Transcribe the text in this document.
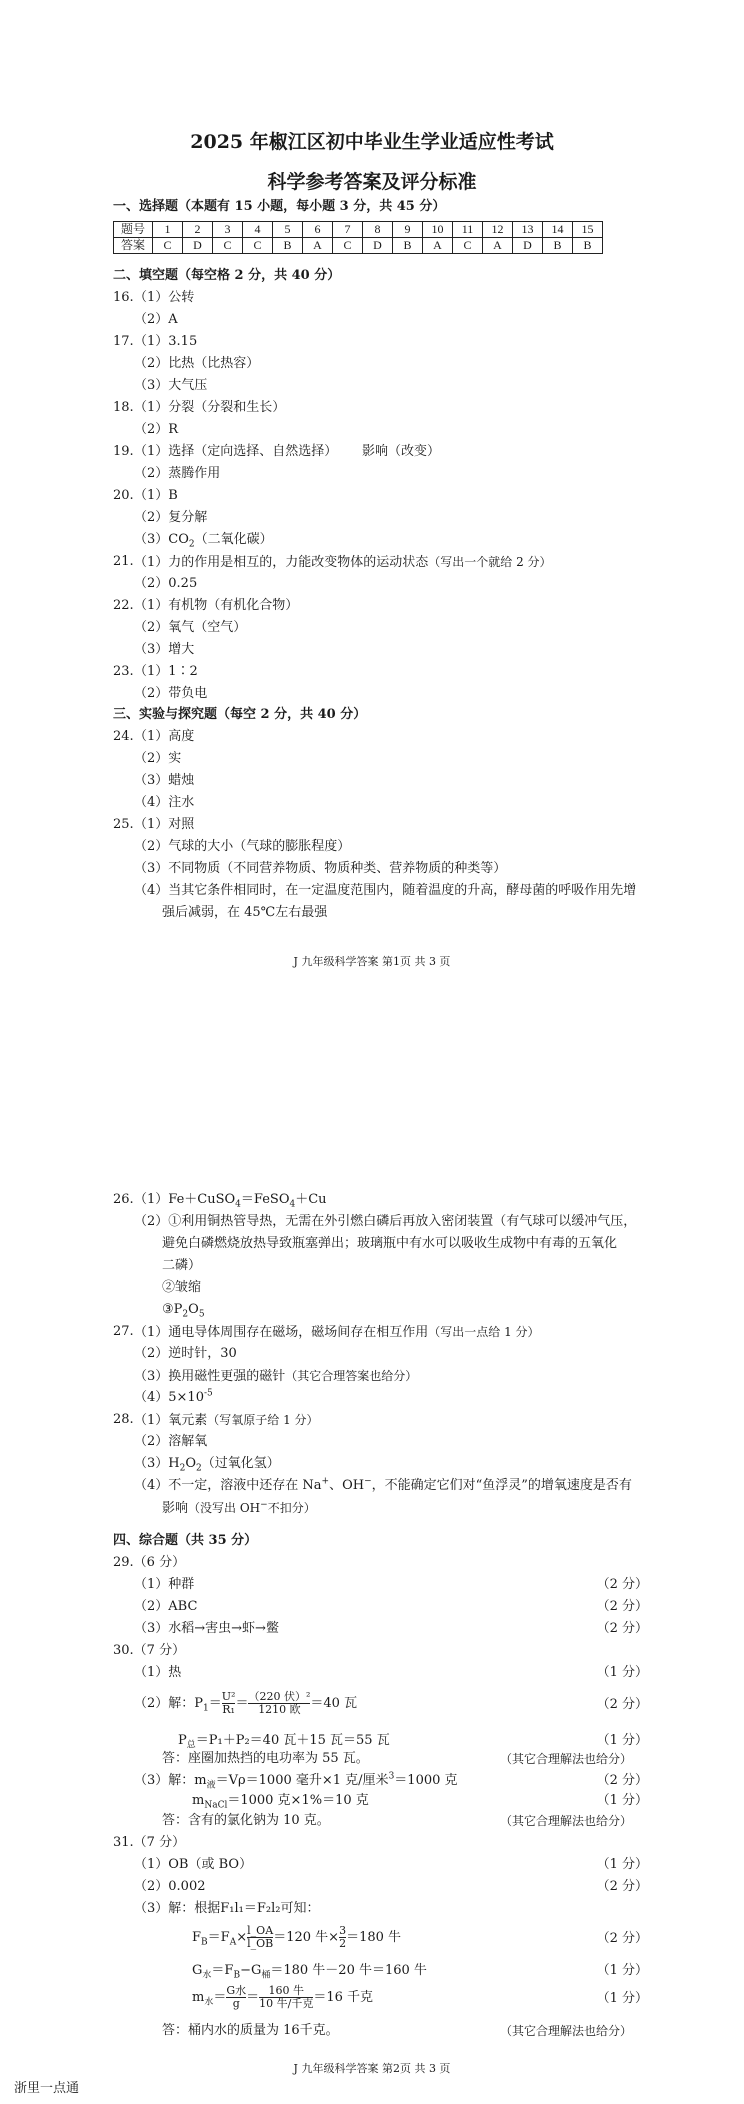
2025 年椒江区初中毕业生学业适应性考试
科学参考答案及评分标准
一、选择题（本题有 15 小题，每小题 3 分，共 45 分）
题号	1	2	3	4	5	6	7	8	9	10	11	12	13	14	15
答案	C	D	C	C	B	A	C	D	B	A	C	A	D	B	B
二、填空题（每空格 2 分，共 40 分）
16. （1）公转
（2）A
17. （1）3.15
（2）比热（比热容）
（3）大气压
18. （1）分裂（分裂和生长）
（2）R
19. （1）选择（定向选择、自然选择） 影响（改变）
（2）蒸腾作用
20. （1）B
（2）复分解
$(3)CO_2$（二氧化碳）
21. （1）力的作用是相互的，力能改变物体的运动状态（写出一个就给 2 分）
（2）0.25
22. （1）有机物（有机化合物）
（2）氧气（空气）
（3）增大
23. （1）1∶2
（2）带负电
三、实验与探究题（每空 2 分，共 40 分）
24. （1）高度
（2）实
（3）蜡烛
（4）注水
25. （1）对照
（2）气球的大小（气球的膨胀程度）
（3）不同物质（不同营养物质、物质种类、营养物质的种类等）
（4）当其它条件相同时，在一定温度范围内，随着温度的升高，酵母菌的呼吸作用先增
强后减弱，在 45℃左右最强
J 九年级科学答案 第1页 共 3 页
26. （1）Fe＋CuSO$_4$＝FeSO$_4$＋Cu
（2）①利用铜热管导热，无需在外引燃白磷后再放入密闭装置（有气球可以缓冲气压，
避免白磷燃烧放热导致瓶塞弹出；玻璃瓶中有水可以吸收生成物中有毒的五氧化
二磷）
②皱缩
$③P_2O_5$
27. （1）通电导体周围存在磁场，磁场间存在相互作用（写出一点给 1 分）
（2）逆时针，30
（3）换用磁性更强的磁针（其它合理答案也给分）
$(4)5\times 10^{-5}$
28. （1）氧元素（写氧原子给 1 分）
（2）溶解氧
$(3)H_2O_2$（过氧化氢）
（4）不一定，溶液中还存在 Na+、OH−，不能确定它们对“鱼浮灵”的增氧速度是否有
影响（没写出 OH−不扣分）
四、综合题（共 35 分）
29.（6 分）
（1）种群	（2 分）
（2）ABC	（2 分）
（3）水稻→害虫→虾→鳖	（2 分）
30.（7 分）
（1）热	（1 分）
（2）解：$P_1= \frac{\text{U²}}{\text{R₁}} = \frac{\text{（220 伏）²}}{\text{1210 欧}} =40$ 瓦	（2 分）
$P_总=P_1+P_2=40$ 瓦＋15 瓦＝55 瓦	（1 分）
答：座圈加热挡的电功率为 55 瓦。	（其它合理解法也给分）
（3）解：$m_液=V\rho=1000$ 毫升×1 克/厘米$^3$＝1000 克	（2 分）
$m_{NaCl}=1000$ 克×1%＝10 克	（1 分）
答：含有的氯化钠为 10 克。	（其它合理解法也给分）
31.（7 分）
（1）OB（或 BO）	（1 分）
（2）0.002	（2 分）
（3）解：根据F₁l₁＝F₂l₂可知：
$F_B=F_A\times \frac{l\_OA}{l\_OB} =120$ 牛× $\frac{3}{2} =180$ 牛	（2 分）
$G_水=F_B-G_桶=180$ 牛－20 牛＝160 牛	（1 分）
$m_水= \frac{\text{G水}}{g} = \frac{\text{160 牛}}{\text{10 牛/千克}} =16$ 千克	（1 分）
答：桶内水的质量为 16千克。	（其它合理解法也给分）
J 九年级科学答案 第2页 共 3 页
浙里一点通
